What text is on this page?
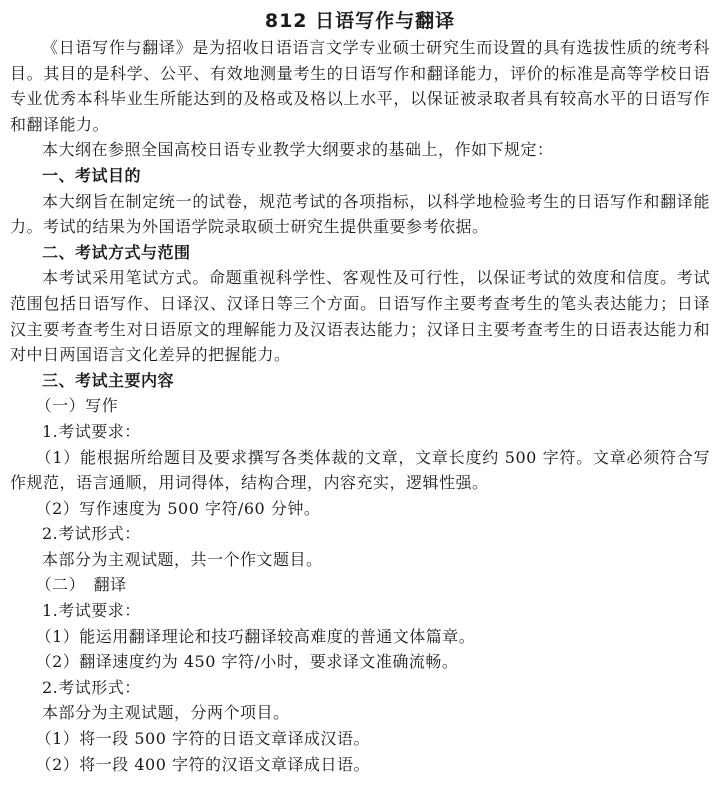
812 日语写作与翻译

《日语写作与翻译》是为招收日语语言文学专业硕士研究生而设置的具有选拔性质的统考科目。其目的是科学、公平、有效地测量考生的日语写作和翻译能力，评价的标准是高等学校日语专业优秀本科毕业生所能达到的及格或及格以上水平，以保证被录取者具有较高水平的日语写作和翻译能力。

本大纲在参照全国高校日语专业教学大纲要求的基础上，作如下规定：

一、考试目的

本大纲旨在制定统一的试卷，规范考试的各项指标，以科学地检验考生的日语写作和翻译能力。考试的结果为外国语学院录取硕士研究生提供重要参考依据。

二、考试方式与范围

本考试采用笔试方式。命题重视科学性、客观性及可行性，以保证考试的效度和信度。考试范围包括日语写作、日译汉、汉译日等三个方面。日语写作主要考查考生的笔头表达能力；日译汉主要考查考生对日语原文的理解能力及汉语表达能力；汉译日主要考查考生的日语表达能力和对中日两国语言文化差异的把握能力。

三、考试主要内容

（一）写作

1.考试要求：

（1）能根据所给题目及要求撰写各类体裁的文章，文章长度约 500 字符。文章必须符合写作规范，语言通顺，用词得体，结构合理，内容充实，逻辑性强。

（2）写作速度为 500 字符/60 分钟。

2.考试形式：

本部分为主观试题，共一个作文题目。

（二）　翻译

1.考试要求：

（1）能运用翻译理论和技巧翻译较高难度的普通文体篇章。

（2）翻译速度约为 450 字符/小时，要求译文准确流畅。

2.考试形式：

本部分为主观试题，分两个项目。

（1）将一段 500 字符的日语文章译成汉语。

（2）将一段 400 字符的汉语文章译成日语。
